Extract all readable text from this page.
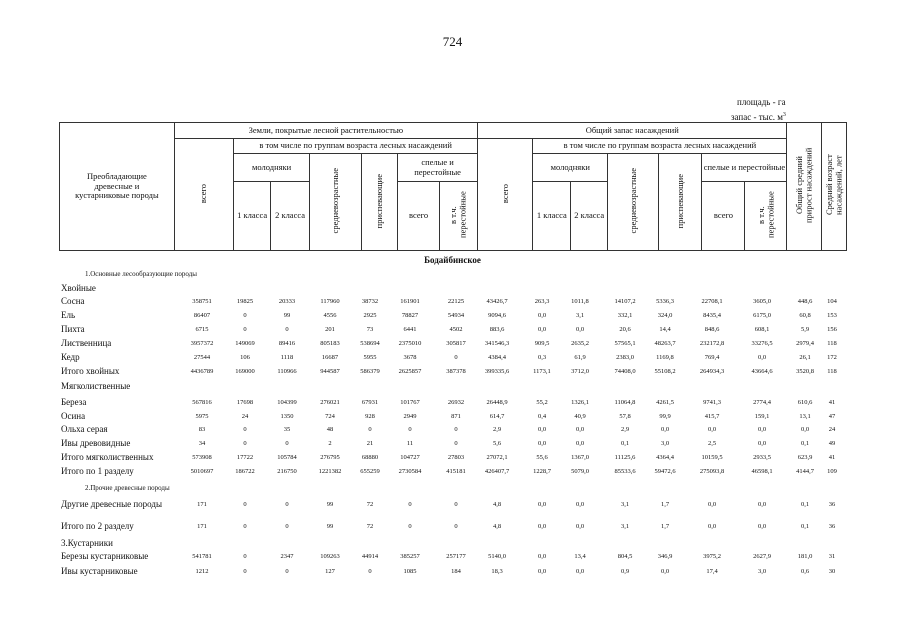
724
площадь - га
запас - тыс. $м^3$
Преобладающие древесные и кустарниковые породы	Земли, покрытые лесной растительностью							Общий запас насаждений							Общий средний прирост насаждений	Средний возраст насаждений, лет
	всего	в том числе по группам возраста лесных насаждений						всего	в том числе по группам возраста лесных насаждений							
		молодняки		средневозрастные	приспевающие	спелые и перестойные			молодняки		средневозрастные	приспевающие	спелые и перестойные			
		1 класса	2 класса			всего	в т.ч. перестойные		1 класса	2 класса			всего	в т.ч. перестойные		
Бодайбинское
1.Основные лесообразующие породы
Хвойные
Мягколиственные
2.Прочие древесные породы
3.Кустарники
Сосна	358751	19825	20333	117960	38732	161901	22125	43426,7	263,3	1011,8	14107,2	5336,3	22708,1	3605,0	448,6	104
Ель	86407	0	99	4556	2925	78827	54934	9094,6	0,0	3,1	332,1	324,0	8435,4	6175,0	60,8	153
Пихта	6715	0	0	201	73	6441	4502	883,6	0,0	0,0	20,6	14,4	848,6	608,1	5,9	156
Лиственница	3957372	149069	89416	805183	538694	2375010	305817	341546,3	909,5	2635,2	57565,1	48263,7	232172,8	33276,5	2979,4	118
Кедр	27544	106	1118	16687	5955	3678	0	4384,4	0,3	61,9	2383,0	1169,8	769,4	0,0	26,1	172
Итого хвойных	4436789	169000	110966	944587	586379	2625857	387378	399335,6	1173,1	3712,0	74408,0	55108,2	264934,3	43664,6	3520,8	118
Береза	567816	17698	104399	276021	67931	101767	26932	26448,9	55,2	1326,1	11064,8	4261,5	9741,3	2774,4	610,6	41
Осина	5975	24	1350	724	928	2949	871	614,7	0,4	40,9	57,8	99,9	415,7	159,1	13,1	47
Ольха серая	83	0	35	48	0	0	0	2,9	0,0	0,0	2,9	0,0	0,0	0,0	0,0	24
Ивы древовидные	34	0	0	2	21	11	0	5,6	0,0	0,0	0,1	3,0	2,5	0,0	0,1	49
Итого мягколиственных	573908	17722	105784	276795	68880	104727	27803	27072,1	55,6	1367,0	11125,6	4364,4	10159,5	2933,5	623,9	41
Итого по 1 разделу	5010697	186722	216750	1221382	655259	2730584	415181	426407,7	1228,7	5079,0	85533,6	59472,6	275093,8	46598,1	4144,7	109
Другие древесные породы	171	0	0	99	72	0	0	4,8	0,0	0,0	3,1	1,7	0,0	0,0	0,1	36
Итого по 2 разделу	171	0	0	99	72	0	0	4,8	0,0	0,0	3,1	1,7	0,0	0,0	0,1	36
Березы кустарниковые	541781	0	2347	109263	44914	385257	257177	5140,0	0,0	13,4	804,5	346,9	3975,2	2627,9	181,0	31
Ивы кустарниковые	1212	0	0	127	0	1085	184	18,3	0,0	0,0	0,9	0,0	17,4	3,0	0,6	30
